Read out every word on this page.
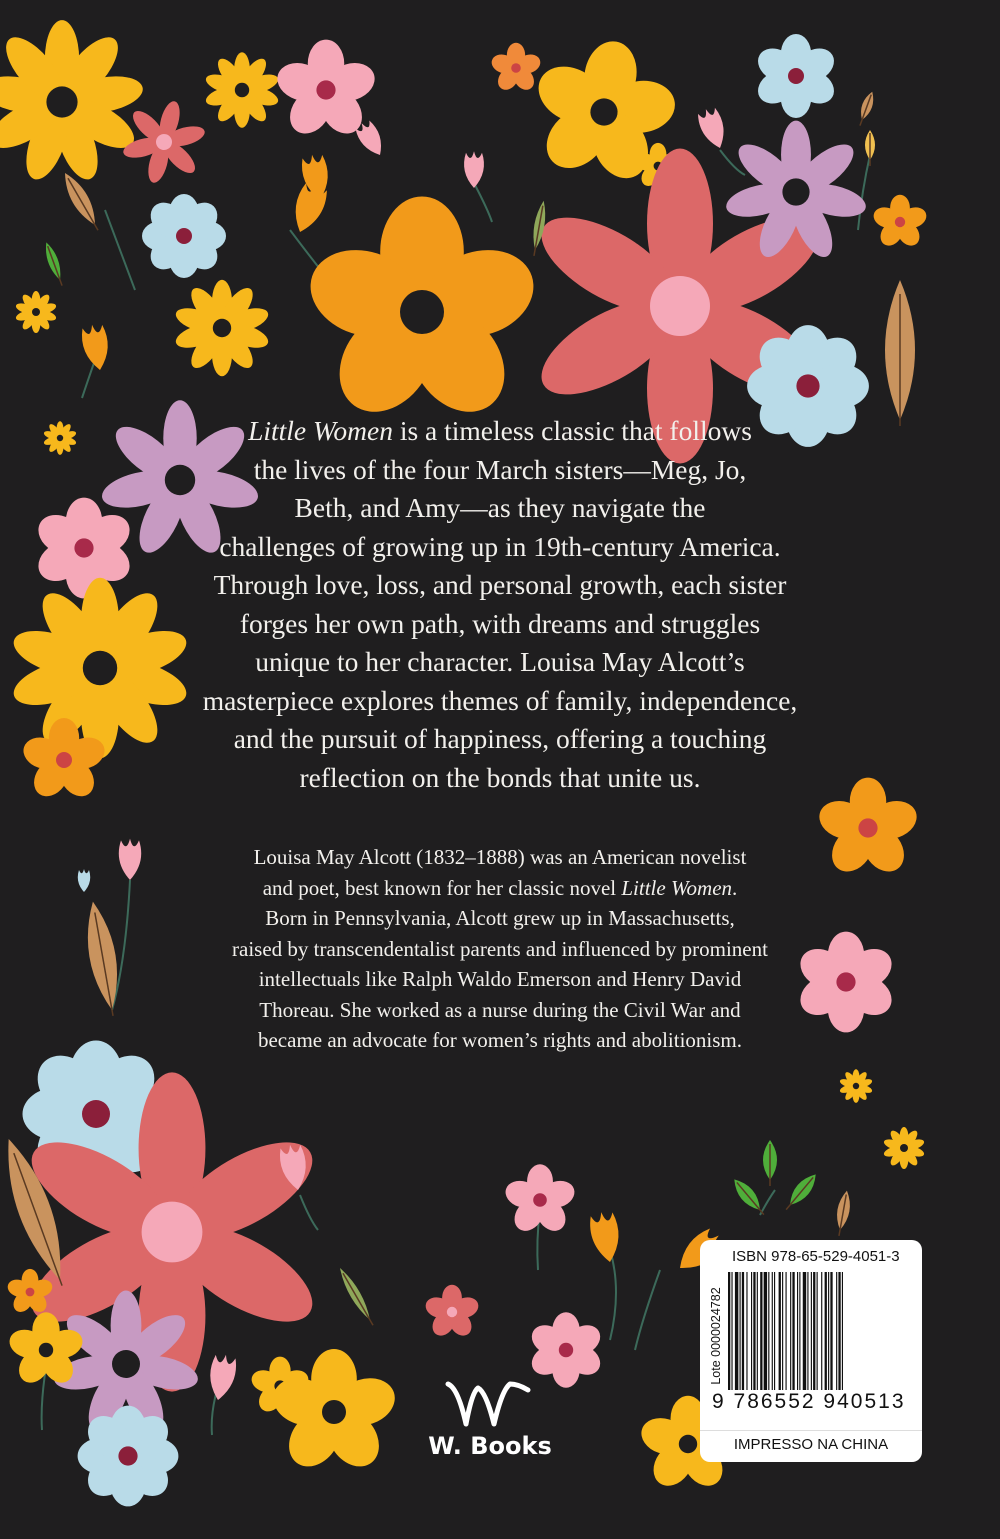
Little Women is a timeless classic that follows
the lives of the four March sisters—Meg, Jo,
Beth, and Amy—as they navigate the
challenges of growing up in 19th-century America.
Through love, loss, and personal growth, each sister
forges her own path, with dreams and struggles
unique to her character. Louisa May Alcott’s
masterpiece explores themes of family, independence,
and the pursuit of happiness, offering a touching
reflection on the bonds that unite us.
Louisa May Alcott (1832–1888) was an American novelist
and poet, best known for her classic novel Little Women.
Born in Pennsylvania, Alcott grew up in Massachusetts,
raised by transcendentalist parents and influenced by prominent
intellectuals like Ralph Waldo Emerson and Henry David
Thoreau. She worked as a nurse during the Civil War and
became an advocate for women’s rights and abolitionism.
W. Books
ISBN 978-65-529-4051-3
Lote 0000024782
9 786552 940513
IMPRESSO NA CHINA
